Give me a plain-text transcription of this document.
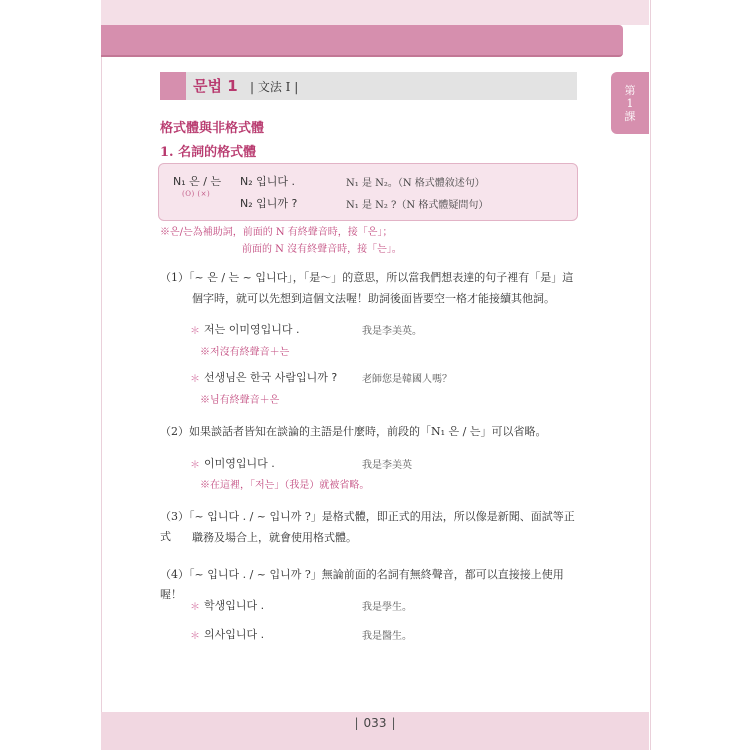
第
1
課
문법 1 | 文法 I |
格式體與非格式體
1. 名詞的格式體
N₁ 은 / 는
(O) (×)
N₂ 입니다 .	N₁ 是 N₂。（N 格式體敘述句）
N₂ 입니까 ?	N₁ 是 N₂ ?（N 格式體疑問句）
※은/는為補助詞，前面的 N 有終聲音時，接「은」；
前面的 N 沒有終聲音時，接「는」。
（1）「~ 은 / 는 ~ 입니다」，「是～」的意思，所以當我們想表達的句子裡有「是」這
個字時，就可以先想到這個文法喔！助詞後面皆要空一格才能接續其他詞。
＊ 저는 이미영입니다 .	我是李美英。
※저沒有終聲音＋는
＊ 선생님은 한국 사람입니까 ? 老師您是韓國人嗎？
※님有終聲音＋은
（2）如果談話者皆知在談論的主語是什麼時，前段的「N₁ 은 / 는」可以省略。
＊ 이미영입니다 .	我是李美英
※在這裡，「저는」（我是）就被省略。
（3）「~ 입니다 . / ~ 입니까 ?」是格式體，即正式的用法，所以像是新聞、面試等正式	職務及場合上，就會使用格式體。
（4）「~ 입니다 . / ~ 입니까 ?」無論前面的名詞有無終聲音，都可以直接接上使用喔！
＊ 학생입니다 .	我是學生。
＊ 의사입니다 .	我是醫生。
| 033 |
